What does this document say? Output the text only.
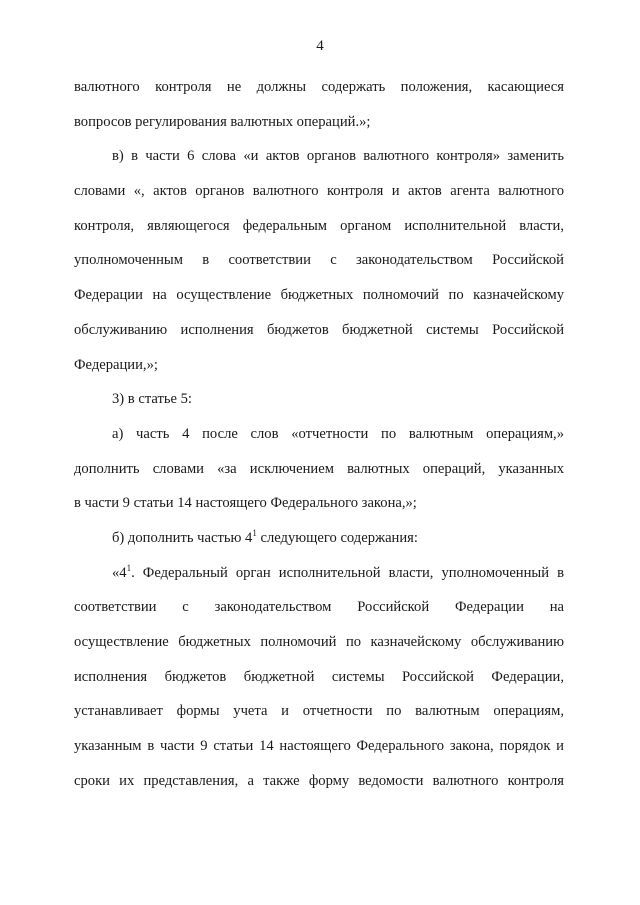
4
валютного контроля не должны содержать положения, касающиеся
вопросов регулирования валютных операций.»;
в) в части 6 слова «и актов органов валютного контроля» заменить
словами «, актов органов валютного контроля и актов агента валютного
контроля, являющегося федеральным органом исполнительной власти,
уполномоченным в соответствии с законодательством Российской
Федерации на осуществление бюджетных полномочий по казначейскому
обслуживанию исполнения бюджетов бюджетной системы Российской
Федерации,»;
3) в статье 5:
а) часть 4 после слов «отчетности по валютным операциям,»
дополнить словами «за исключением валютных операций, указанных
в части 9 статьи 14 настоящего Федерального закона,»;
б) дополнить частью $4^1$ следующего содержания:
«$4^1$. Федеральный орган исполнительной власти, уполномоченный в
соответствии с законодательством Российской Федерации на
осуществление бюджетных полномочий по казначейскому обслуживанию
исполнения бюджетов бюджетной системы Российской Федерации,
устанавливает формы учета и отчетности по валютным операциям,
указанным в части 9 статьи 14 настоящего Федерального закона, порядок и
сроки их представления, а также форму ведомости валютного контроля
